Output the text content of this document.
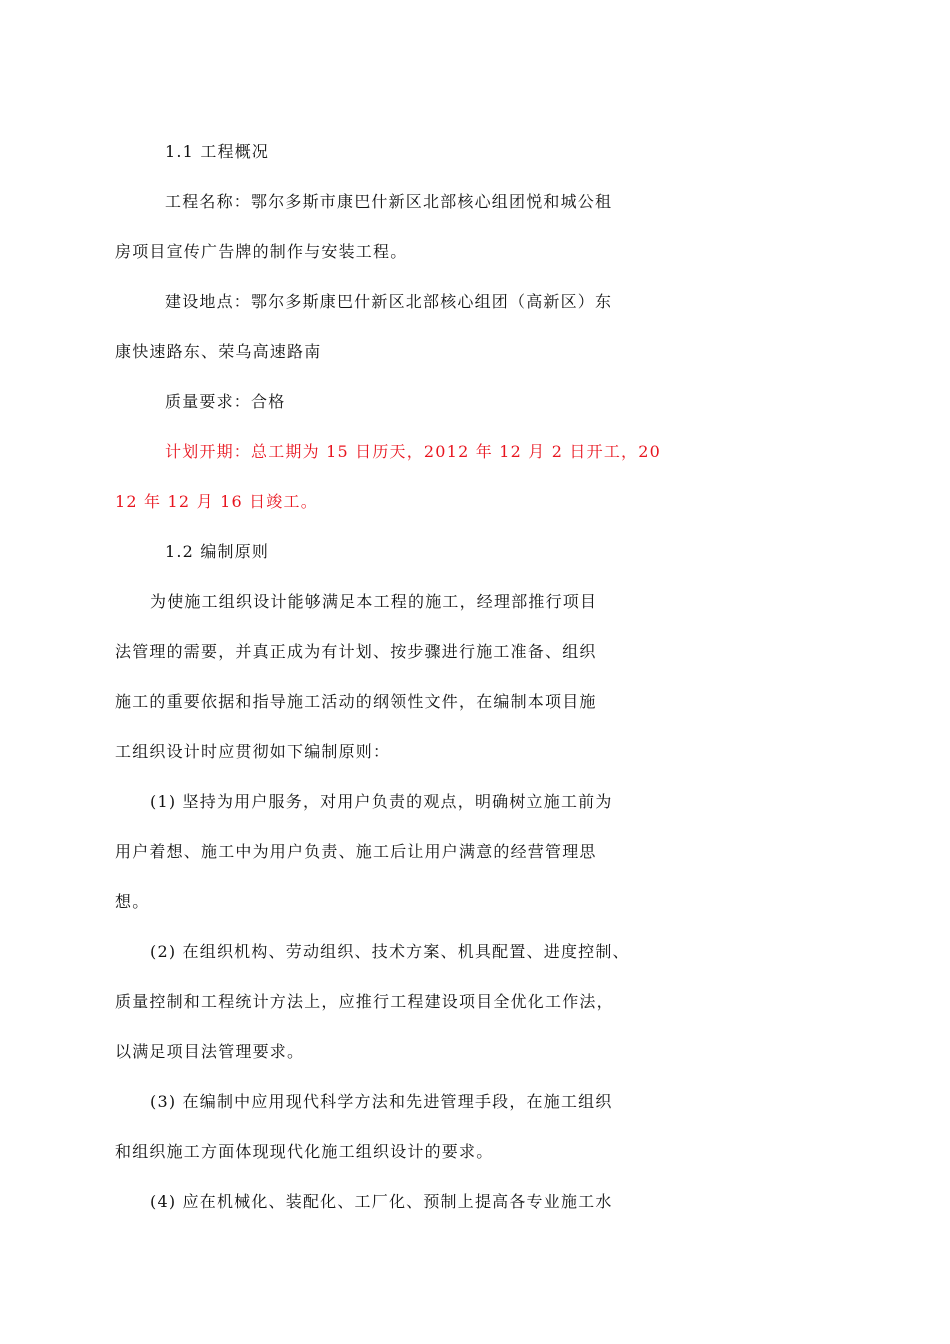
1.1 工程概况
工程名称：鄂尔多斯市康巴什新区北部核心组团悦和城公租
房项目宣传广告牌的制作与安装工程。
建设地点：鄂尔多斯康巴什新区北部核心组团（高新区）东
康快速路东、荣乌高速路南
质量要求：合格
计划开期：总工期为 15 日历天，2012 年 12 月 2 日开工，20
12 年 12 月 16 日竣工。
1.2 编制原则
为使施工组织设计能够满足本工程的施工，经理部推行项目
法管理的需要，并真正成为有计划、按步骤进行施工准备、组织
施工的重要依据和指导施工活动的纲领性文件，在编制本项目施
工组织设计时应贯彻如下编制原则：
(1) 坚持为用户服务，对用户负责的观点，明确树立施工前为
用户着想、施工中为用户负责、施工后让用户满意的经营管理思
想。
(2) 在组织机构、劳动组织、技术方案、机具配置、进度控制、
质量控制和工程统计方法上，应推行工程建设项目全优化工作法，
以满足项目法管理要求。
(3) 在编制中应用现代科学方法和先进管理手段，在施工组织
和组织施工方面体现现代化施工组织设计的要求。
(4) 应在机械化、装配化、工厂化、预制上提高各专业施工水
